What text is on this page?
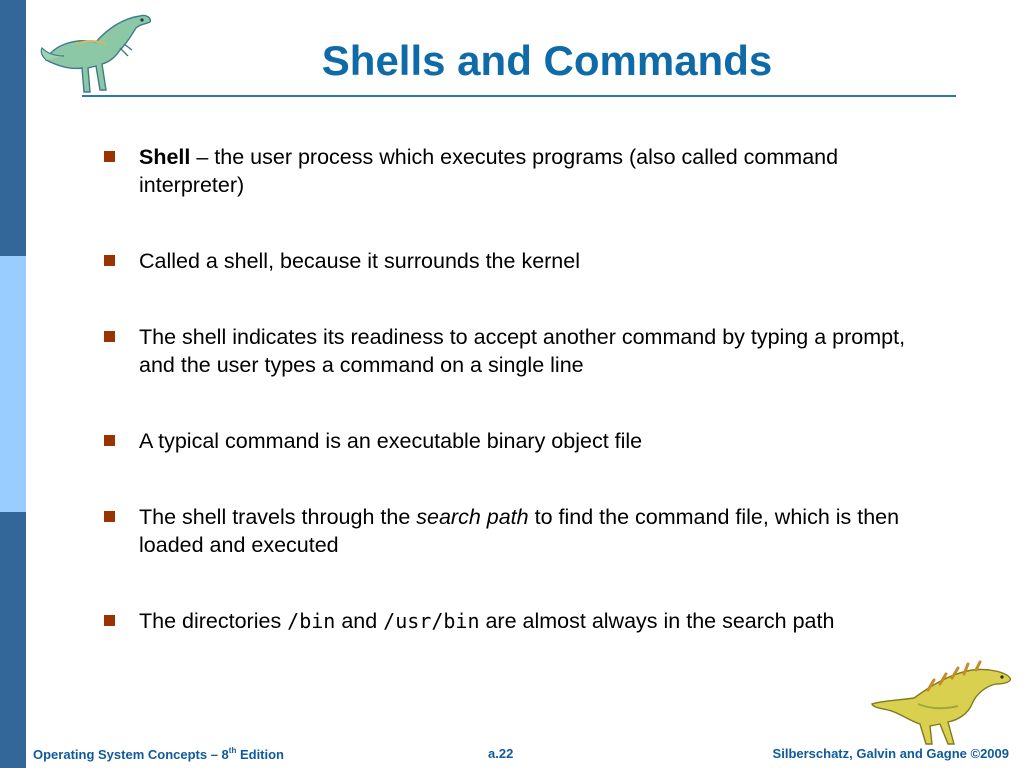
Shells and Commands
Shell – the user process which executes programs (also called command interpreter)
Called a shell, because it surrounds the kernel
The shell indicates its readiness to accept another command by typing a prompt, and the user types a command on a single line
A typical command is an executable binary object file
The shell travels through the search path to find the command file, which is then loaded and executed
The directories /bin and /usr/bin are almost always in the search path
Operating System Concepts – 8th Edition	a.22	Silberschatz, Galvin and Gagne ©2009
